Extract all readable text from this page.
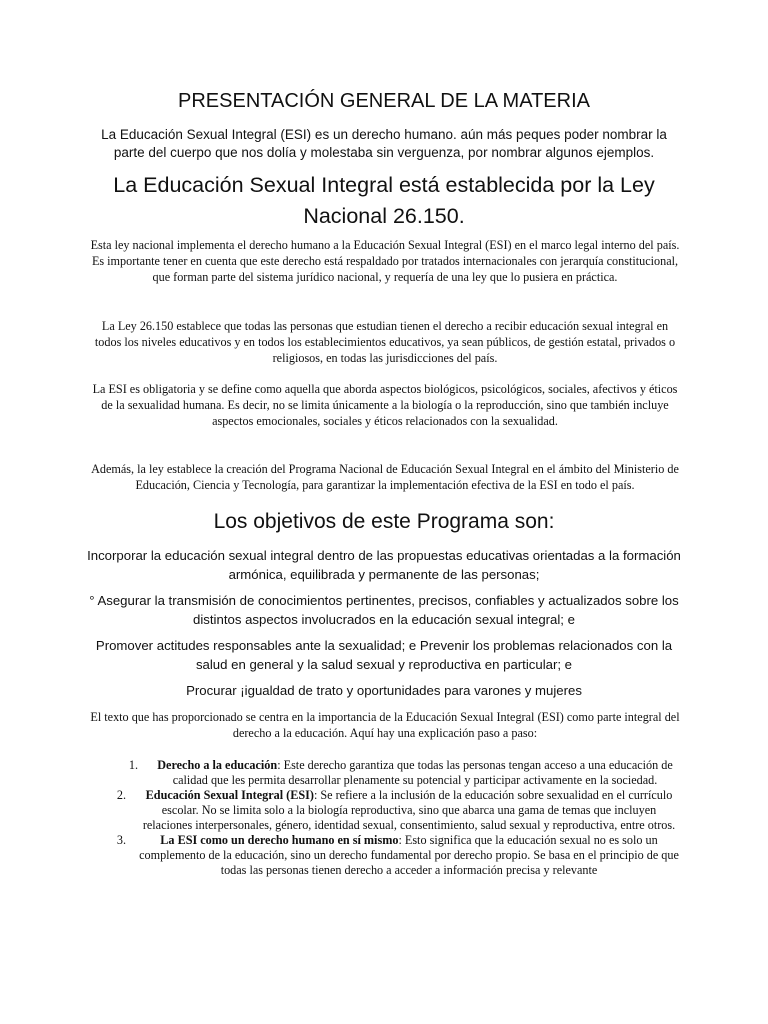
PRESENTACIÓN GENERAL DE LA MATERIA

La Educación Sexual Integral (ESI) es un derecho humano. aún más peques poder nombrar la parte del cuerpo que nos dolía y molestaba sin verguenza, por nombrar algunos ejemplos.

La Educación Sexual Integral está establecida por la Ley Nacional 26.150.

Esta ley nacional implementa el derecho humano a la Educación Sexual Integral (ESI) en el marco legal interno del país. Es importante tener en cuenta que este derecho está respaldado por tratados internacionales con jerarquía constitucional, que forman parte del sistema jurídico nacional, y requería de una ley que lo pusiera en práctica.

La Ley 26.150 establece que todas las personas que estudian tienen el derecho a recibir educación sexual integral en todos los niveles educativos y en todos los establecimientos educativos, ya sean públicos, de gestión estatal, privados o religiosos, en todas las jurisdicciones del país.

La ESI es obligatoria y se define como aquella que aborda aspectos biológicos, psicológicos, sociales, afectivos y éticos de la sexualidad humana. Es decir, no se limita únicamente a la biología o la reproducción, sino que también incluye aspectos emocionales, sociales y éticos relacionados con la sexualidad.

Además, la ley establece la creación del Programa Nacional de Educación Sexual Integral en el ámbito del Ministerio de Educación, Ciencia y Tecnología, para garantizar la implementación efectiva de la ESI en todo el país.

Los objetivos de este Programa son:

Incorporar la educación sexual integral dentro de las propuestas educativas orientadas a la formación armónica, equilibrada y permanente de las personas;

° Asegurar la transmisión de conocimientos pertinentes, precisos, confiables y actualizados sobre los distintos aspectos involucrados en la educación sexual integral; e

Promover actitudes responsables ante la sexualidad; e Prevenir los problemas relacionados con la salud en general y la salud sexual y reproductiva en particular; e

Procurar ¡igualdad de trato y oportunidades para varones y mujeres

El texto que has proporcionado se centra en la importancia de la Educación Sexual Integral (ESI) como parte integral del derecho a la educación. Aquí hay una explicación paso a paso:

1.	Derecho a la educación: Este derecho garantiza que todas las personas tengan acceso a una educación de calidad que les permita desarrollar plenamente su potencial y participar activamente en la sociedad.
2.	Educación Sexual Integral (ESI): Se refiere a la inclusión de la educación sobre sexualidad en el currículo escolar. No se limita solo a la biología reproductiva, sino que abarca una gama de temas que incluyen relaciones interpersonales, género, identidad sexual, consentimiento, salud sexual y reproductiva, entre otros.
3.	La ESI como un derecho humano en sí mismo: Esto significa que la educación sexual no es solo un complemento de la educación, sino un derecho fundamental por derecho propio. Se basa en el principio de que todas las personas tienen derecho a acceder a información precisa y relevante
